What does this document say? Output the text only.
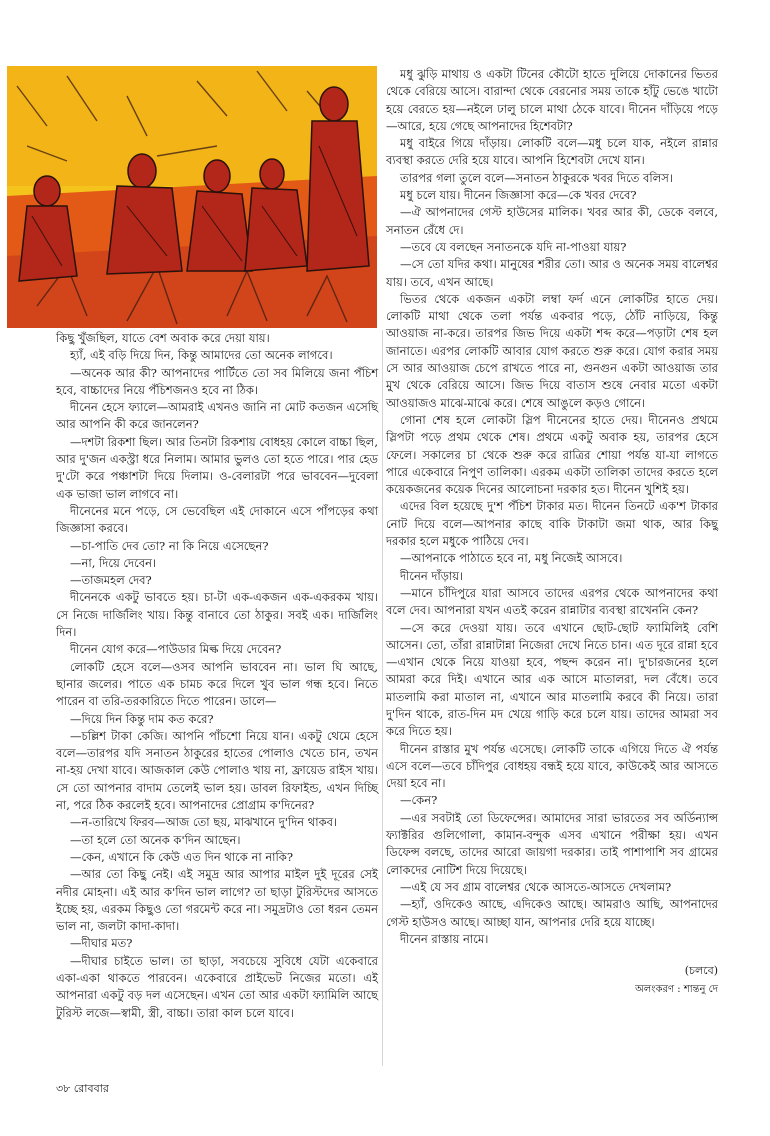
কিছু খুঁজছিল, যাতে বেশ অবাক করে দেয়া যায়।

হ্যাঁ, এই বড়ি দিয়ে দিন, কিন্তু আমাদের তো অনেক লাগবে।

—অনেক আর কী? আপনাদের পার্টিতে তো সব মিলিয়ে জনা পঁচিশ হবে, বাচ্চাদের নিয়ে পঁচিশজনও হবে না ঠিক।

দীনেন হেসে ফ্যালে—আমরাই এখনও জানি না মোট কতজন এসেছি আর আপনি কী করে জানলেন?

—দশটা রিকশা ছিল। আর তিনটা রিকশায় বোধহয় কোলে বাচ্চা ছিল, আর দু'জন একস্ট্রা ধরে নিলাম। আমার ভুলও তো হতে পারে। পার হেড দু'টো করে পঞ্চাশটা দিয়ে দিলাম। ও-বেলারটা পরে ভাববেন—দুবেলা এক ভাজা ভাল লাগবে না।

দীনেনের মনে পড়ে, সে ভেবেছিল এই দোকানে এসে পাঁপড়ের কথা জিজ্ঞাসা করবে।

—চা-পাতি দেব তো? না কি নিয়ে এসেছেন?

—না, দিয়ে দেবেন।

—তাজমহল দেব?

দীনেনকে একটু ভাবতে হয়। চা-টা এক-একজন এক-একরকম খায়। সে নিজে দার্জিলিং খায়। কিন্তু বানাবে তো ঠাকুর। সবই এক। দার্জিলিং দিন।

দীনেন যোগ করে—পাউডার মিল্ক দিয়ে দেবেন?

লোকটি হেসে বলে—ওসব আপনি ভাববেন না। ভাল ঘি আছে, ছানার জলের। পাতে এক চামচ করে দিলে খুব ভাল গন্ধ হবে। নিতে পারেন বা তরি-তরকারিতে দিতে পারেন। ডালে—

—দিয়ে দিন কিন্তু দাম কত করে?

—চল্লিশ টাকা কেজি। আপনি পাঁচশো নিয়ে যান। একটু থেমে হেসে বলে—তারপর যদি সনাতন ঠাকুরের হাতের পোলাও খেতে চান, তখন না-হয় দেখা যাবে। আজকাল কেউ পোলাও খায় না, ফ্রায়েড রাইস খায়। সে তো আপনার বাদাম তেলেই ভাল হয়। ডাবল রিফাইন্ড, এখন দিচ্ছি না, পরে ঠিক করলেই হবে। আপনাদের প্রোগ্রাম ক'দিনের?

—ন-তারিখে ফিরব—আজ তো ছয়, মাঝখানে দু'দিন থাকব।

—তা হলে তো অনেক ক'দিন আছেন।

—কেন, এখানে কি কেউ এত দিন থাকে না নাকি?

—আর তো কিছু নেই। এই সমুদ্র আর আপার মাইল দুই দূরের সেই নদীর মোহনা। এই আর ক'দিন ভাল লাগে? তা ছাড়া টুরিস্টদের আসতে ইচ্ছে হয়, এরকম কিছুও তো গরমেন্ট করে না। সমুদ্রটাও তো ধরন তেমন ভাল না, জলটা কাদা-কাদা।

—দীঘার মত?

—দীঘার চাইতে ভাল। তা ছাড়া, সবচেয়ে সুবিধে যেটা একেবারে একা-একা থাকতে পারবেন। একেবারে প্রাইভেট নিজের মতো। এই আপনারা একটু বড় দল এসেছেন। এখন তো আর একটা ফ্যামিলি আছে টুরিস্ট লজে—স্বামী, স্ত্রী, বাচ্চা। তারা কাল চলে যাবে।

মধু ঝুড়ি মাথায় ও একটা টিনের কৌটো হাতে দুলিয়ে দোকানের ভিতর থেকে বেরিয়ে আসে। বারান্দা থেকে বেরনোর সময় তাকে হাঁটু ভেঙে খাটো হয়ে বেরতে হয়—নইলে ঢালু চালে মাথা ঠেকে যাবে। দীনেন দাঁড়িয়ে পড়ে—আরে, হয়ে গেছে আপনাদের হিশেবটা?

মধু বাইরে গিয়ে দাঁড়ায়। লোকটি বলে—মধু চলে যাক, নইলে রান্নার ব্যবস্থা করতে দেরি হয়ে যাবে। আপনি হিশেবটা দেখে যান।

তারপর গলা তুলে বলে—সনাতন ঠাকুরকে খবর দিতে বলিস।

মধু চলে যায়। দীনেন জিজ্ঞাসা করে—কে খবর দেবে?

—ঐ আপনাদের গেস্ট হাউসের মালিক। খবর আর কী, ডেকে বলবে, সনাতন রেঁধে দে।

—তবে যে বলছেন সনাতনকে যদি না-পাওয়া যায়?

—সে তো যদির কথা। মানুষের শরীর তো। আর ও অনেক সময় বালেশ্বর যায়। তবে, এখন আছে।

ভিতর থেকে একজন একটা লম্বা ফর্দ এনে লোকটির হাতে দেয়। লোকটি মাথা থেকে তলা পর্যন্ত একবার পড়ে, ঠোঁট নাড়িয়ে, কিন্তু আওয়াজ না-করে। তারপর জিভ দিয়ে একটা শব্দ করে—পড়াটা শেষ হল জানাতে। এরপর লোকটি আবার যোগ করতে শুরু করে। যোগ করার সময় সে আর আওয়াজ চেপে রাখতে পারে না, গুনগুন একটা আওয়াজ তার মুখ থেকে বেরিয়ে আসে। জিভ দিয়ে বাতাস শুষে নেবার মতো একটা আওয়াজও মাঝে-মাঝে করে। শেষে আঙুলে কড়ও গোনে।

গোনা শেষ হলে লোকটা স্লিপ দীনেনের হাতে দেয়। দীনেনও প্রথমে স্লিপটা পড়ে প্রথম থেকে শেষ। প্রথমে একটু অবাক হয়, তারপর হেসে ফেলে। সকালের চা থেকে শুরু করে রাত্রির শোয়া পর্যন্ত যা-যা লাগতে পারে একেবারে নিপুণ তালিকা। এরকম একটা তালিকা তাদের করতে হলে কয়েকজনের কয়েক দিনের আলোচনা দরকার হত। দীনেন খুশিই হয়।

এদের বিল হয়েছে দু'শ পঁচিশ টাকার মত। দীনেন তিনটে এক'শ টাকার নোট দিয়ে বলে—আপনার কাছে বাকি টাকাটা জমা থাক, আর কিছু দরকার হলে মধুকে পাঠিয়ে দেব।

—আপনাকে পাঠাতে হবে না, মধু নিজেই আসবে।

দীনেন দাঁড়ায়।

—মানে চাঁদিপুরে যারা আসবে তাদের এরপর থেকে আপনাদের কথা বলে দেব। আপনারা যখন এতই করেন রান্নাটার ব্যবস্থা রাখেননি কেন?

—সে করে দেওয়া যায়। তবে এখানে ছোট-ছোট ফ্যামিলিই বেশি আসেন। তো, তাঁরা রান্নাটান্না নিজেরা দেখে নিতে চান। এত দূরে রান্না হবে—এখান থেকে নিয়ে যাওয়া হবে, পছন্দ করেন না। দু'চারজনের হলে আমরা করে দিই। এখানে আর এক আসে মাতালরা, দল বেঁধে। তবে মাতলামি করা মাতাল না, এখানে আর মাতলামি করবে কী নিয়ে। তারা দু'দিন থাকে, রাত-দিন মদ খেয়ে গাড়ি করে চলে যায়। তাদের আমরা সব করে দিতে হয়।

দীনেন রাস্তার মুখ পর্যন্ত এসেছে। লোকটি তাকে এগিয়ে দিতে ঐ পর্যন্ত এসে বলে—তবে চাঁদিপুর বোধহয় বন্ধই হয়ে যাবে, কাউকেই আর আসতে দেয়া হবে না।

—কেন?

—এর সবটাই তো ডিফেন্সের। আমাদের সারা ভারতের সব অর্ডিন্যান্স ফ্যাক্টরির গুলিগোলা, কামান-বন্দুক এসব এখানে পরীক্ষা হয়। এখন ডিফেন্স বলছে, তাদের আরো জায়গা দরকার। তাই পাশাপাশি সব গ্রামের লোকদের নোটিশ দিয়ে দিয়েছে।

—এই যে সব গ্রাম বালেশ্বর থেকে আসতে-আসতে দেখলাম?

—হ্যাঁ, ওদিকেও আছে, এদিকেও আছে। আমরাও আছি, আপনাদের গেস্ট হাউসও আছে। আচ্ছা যান, আপনার দেরি হয়ে যাচ্ছে।

দীনেন রাস্তায় নামে।

(চলবে)

অলংকরণ : শান্তনু দে

৩৮ রোববার
